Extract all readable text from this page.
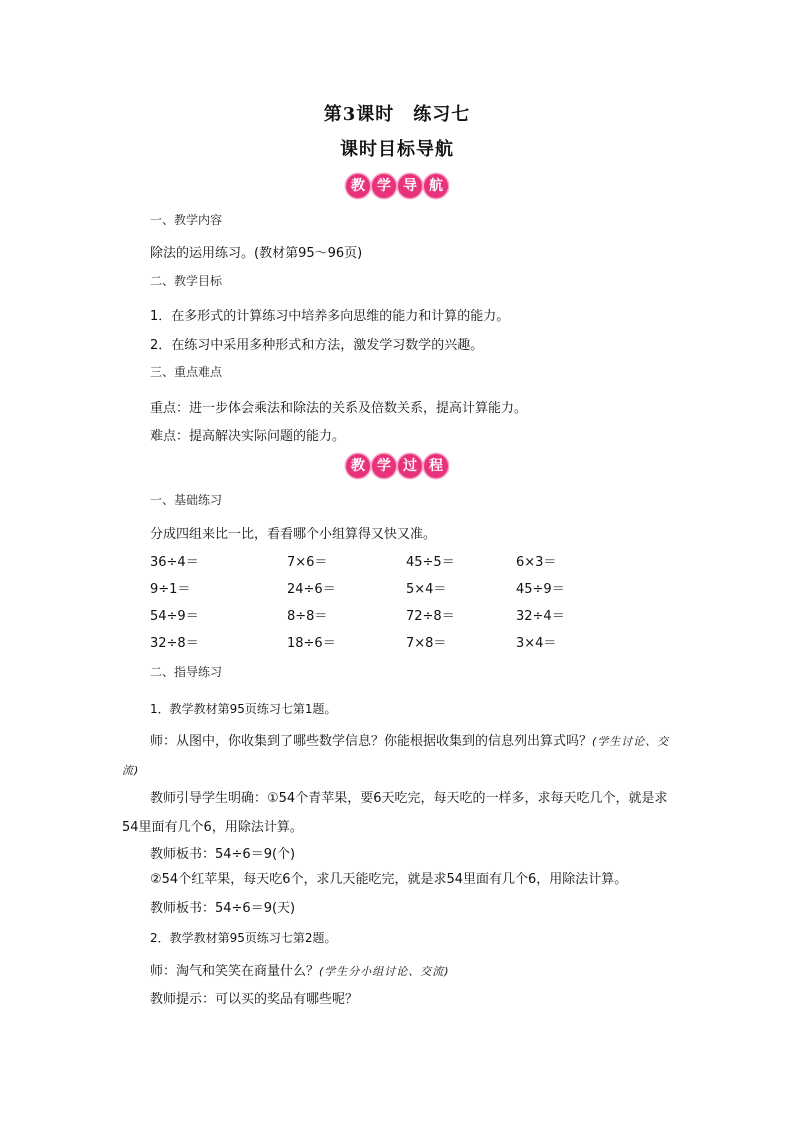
第3课时　练习七
课时目标导航
教 学 导 航
一、教学内容
除法的运用练习。(教材第95～96页)
二、教学目标
1．在多形式的计算练习中培养多向思维的能力和计算的能力。
2．在练习中采用多种形式和方法，激发学习数学的兴趣。
三、重点难点
重点：进一步体会乘法和除法的关系及倍数关系，提高计算能力。
难点：提高解决实际问题的能力。
教 学 过 程
一、基础练习
分成四组来比一比，看看哪个小组算得又快又准。
36÷4＝	7×6＝	45÷5＝	6×3＝
9÷1＝	24÷6＝	5×4＝	45÷9＝
54÷9＝	8÷8＝	72÷8＝	32÷4＝
32÷8＝	18÷6＝	7×8＝	3×4＝
二、指导练习
1．教学教材第95页练习七第1题。
师：从图中，你收集到了哪些数学信息？你能根据收集到的信息列出算式吗？(学生讨论、交流)
教师引导学生明确：①54个青苹果，要6天吃完，每天吃的一样多，求每天吃几个，就是求54里面有几个6，用除法计算。
教师板书：54÷6＝9(个)
②54个红苹果，每天吃6个，求几天能吃完，就是求54里面有几个6，用除法计算。
教师板书：54÷6＝9(天)
2．教学教材第95页练习七第2题。
师：淘气和笑笑在商量什么？(学生分小组讨论、交流)
教师提示：可以买的奖品有哪些呢？
